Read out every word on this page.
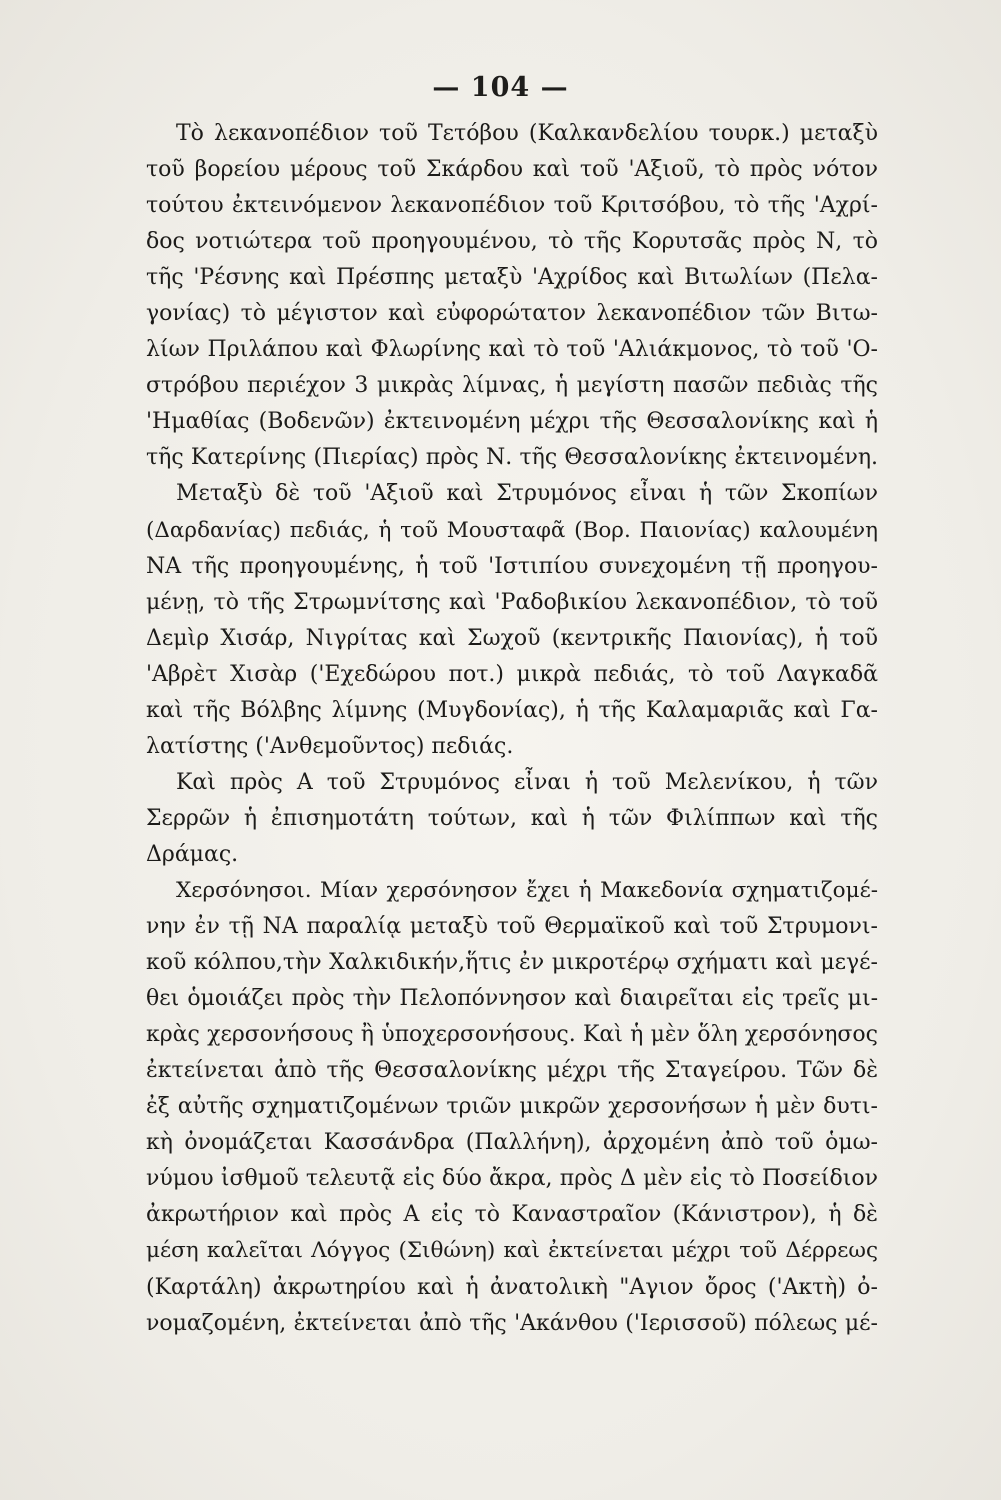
— 104 —
Τὸ λεκανοπέδιον τοῦ Τετόβου (Καλκανδελίου τουρκ.) μεταξὺ
τοῦ βορείου μέρους τοῦ Σκάρδου καὶ τοῦ 'Αξιοῦ, τὸ πρὸς νότον
τούτου ἐκτεινόμενον λεκανοπέδιον τοῦ Κριτσόβου, τὸ τῆς 'Αχρί-
δος νοτιώτερα τοῦ προηγουμένου, τὸ τῆς Κορυτσᾶς πρὸς Ν, τὸ
τῆς 'Ρέσνης καὶ Πρέσπης μεταξὺ 'Αχρίδος καὶ Βιτωλίων (Πελα-
γονίας) τὸ μέγιστον καὶ εὐφορώτατον λεκανοπέδιον τῶν Βιτω-
λίων Πριλάπου καὶ Φλωρίνης καὶ τὸ τοῦ 'Αλιάκμονος, τὸ τοῦ 'Ο-
στρόβου περιέχον 3 μικρὰς λίμνας, ἡ μεγίστη πασῶν πεδιὰς τῆς
'Ημαθίας (Βοδενῶν) ἐκτεινομένη μέχρι τῆς Θεσσαλονίκης καὶ ἡ
τῆς Κατερίνης (Πιερίας) πρὸς Ν. τῆς Θεσσαλονίκης ἐκτεινομένη.
Μεταξὺ δὲ τοῦ 'Αξιοῦ καὶ Στρυμόνος εἶναι ἡ τῶν Σκοπίων
(Δαρδανίας) πεδιάς, ἡ τοῦ Μουσταφᾶ (Βορ. Παιονίας) καλουμένη
ΝΑ τῆς προηγουμένης, ἡ τοῦ 'Ιστιπίου συνεχομένη τῇ προηγου-
μένῃ, τὸ τῆς Στρωμνίτσης καὶ 'Ραδοβικίου λεκανοπέδιον, τὸ τοῦ
Δεμὶρ Χισάρ, Νιγρίτας καὶ Σωχοῦ (κεντρικῆς Παιονίας), ἡ τοῦ
'Αβρὲτ Χισὰρ ('Εχεδώρου ποτ.) μικρὰ πεδιάς, τὸ τοῦ Λαγκαδᾶ
καὶ τῆς Βόλβης λίμνης (Μυγδονίας), ἡ τῆς Καλαμαριᾶς καὶ Γα-
λατίστης ('Ανθεμοῦντος) πεδιάς.
Καὶ πρὸς Α τοῦ Στρυμόνος εἶναι ἡ τοῦ Μελενίκου, ἡ τῶν
Σερρῶν ἡ ἐπισημοτάτη τούτων, καὶ ἡ τῶν Φιλίππων καὶ τῆς
Δράμας.
Χερσόνησοι. Μίαν χερσόνησον ἔχει ἡ Μακεδονία σχηματιζομέ-
νην ἐν τῇ ΝΑ παραλίᾳ μεταξὺ τοῦ Θερμαϊκοῦ καὶ τοῦ Στρυμονι-
κοῦ κόλπου,τὴν Χαλκιδικήν,ἥτις ἐν μικροτέρῳ σχήματι καὶ μεγέ-
θει ὁμοιάζει πρὸς τὴν Πελοπόννησον καὶ διαιρεῖται εἰς τρεῖς μι-
κρὰς χερσονήσους ἢ ὑποχερσονήσους. Καὶ ἡ μὲν ὅλη χερσόνησος
ἐκτείνεται ἀπὸ τῆς Θεσσαλονίκης μέχρι τῆς Σταγείρου. Τῶν δὲ
ἐξ αὐτῆς σχηματιζομένων τριῶν μικρῶν χερσονήσων ἡ μὲν δυτι-
κὴ ὀνομάζεται Κασσάνδρα (Παλλήνη), ἀρχομένη ἀπὸ τοῦ ὁμω-
νύμου ἰσθμοῦ τελευτᾷ εἰς δύο ἄκρα, πρὸς Δ μὲν εἰς τὸ Ποσείδιον
ἀκρωτήριον καὶ πρὸς Α εἰς τὸ Καναστραῖον (Κάνιστρον), ἡ δὲ
μέση καλεῖται Λόγγος (Σιθώνη) καὶ ἐκτείνεται μέχρι τοῦ Δέρρεως
(Καρτάλη) ἀκρωτηρίου καὶ ἡ ἀνατολικὴ "Αγιον ὄρος ('Ακτὴ) ὀ-
νομαζομένη, ἐκτείνεται ἀπὸ τῆς 'Ακάνθου ('Ιερισσοῦ) πόλεως μέ-
